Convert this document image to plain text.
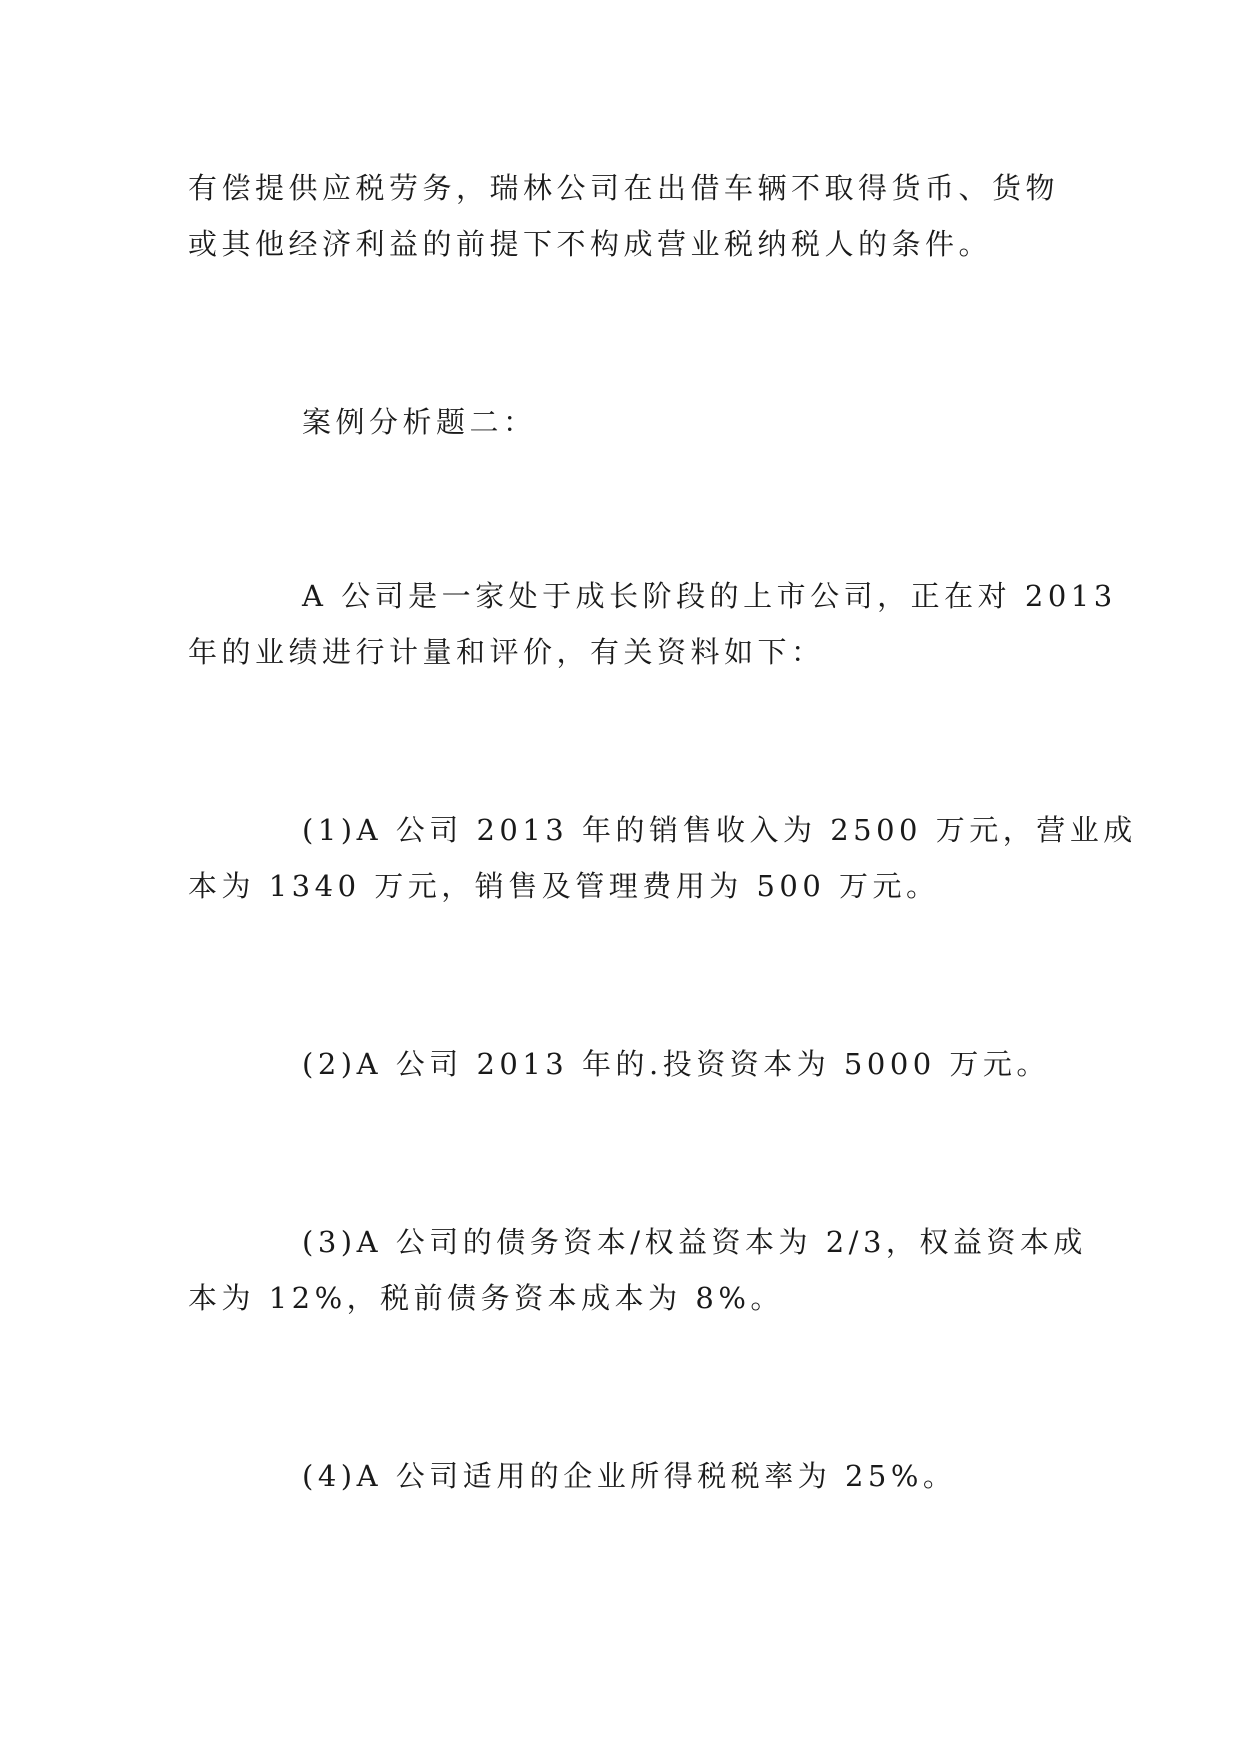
有偿提供应税劳务，瑞林公司在出借车辆不取得货币、货物
或其他经济利益的前提下不构成营业税纳税人的条件。
案例分析题二：
A 公司是一家处于成长阶段的上市公司，正在对 2013
年的业绩进行计量和评价，有关资料如下：
(1)A 公司 2013 年的销售收入为 2500 万元，营业成
本为 1340 万元，销售及管理费用为 500 万元。
(2)A 公司 2013 年的.投资资本为 5000 万元。
(3)A 公司的债务资本/权益资本为 2/3，权益资本成
本为 12%，税前债务资本成本为 8%。
(4)A 公司适用的企业所得税税率为 25%。
